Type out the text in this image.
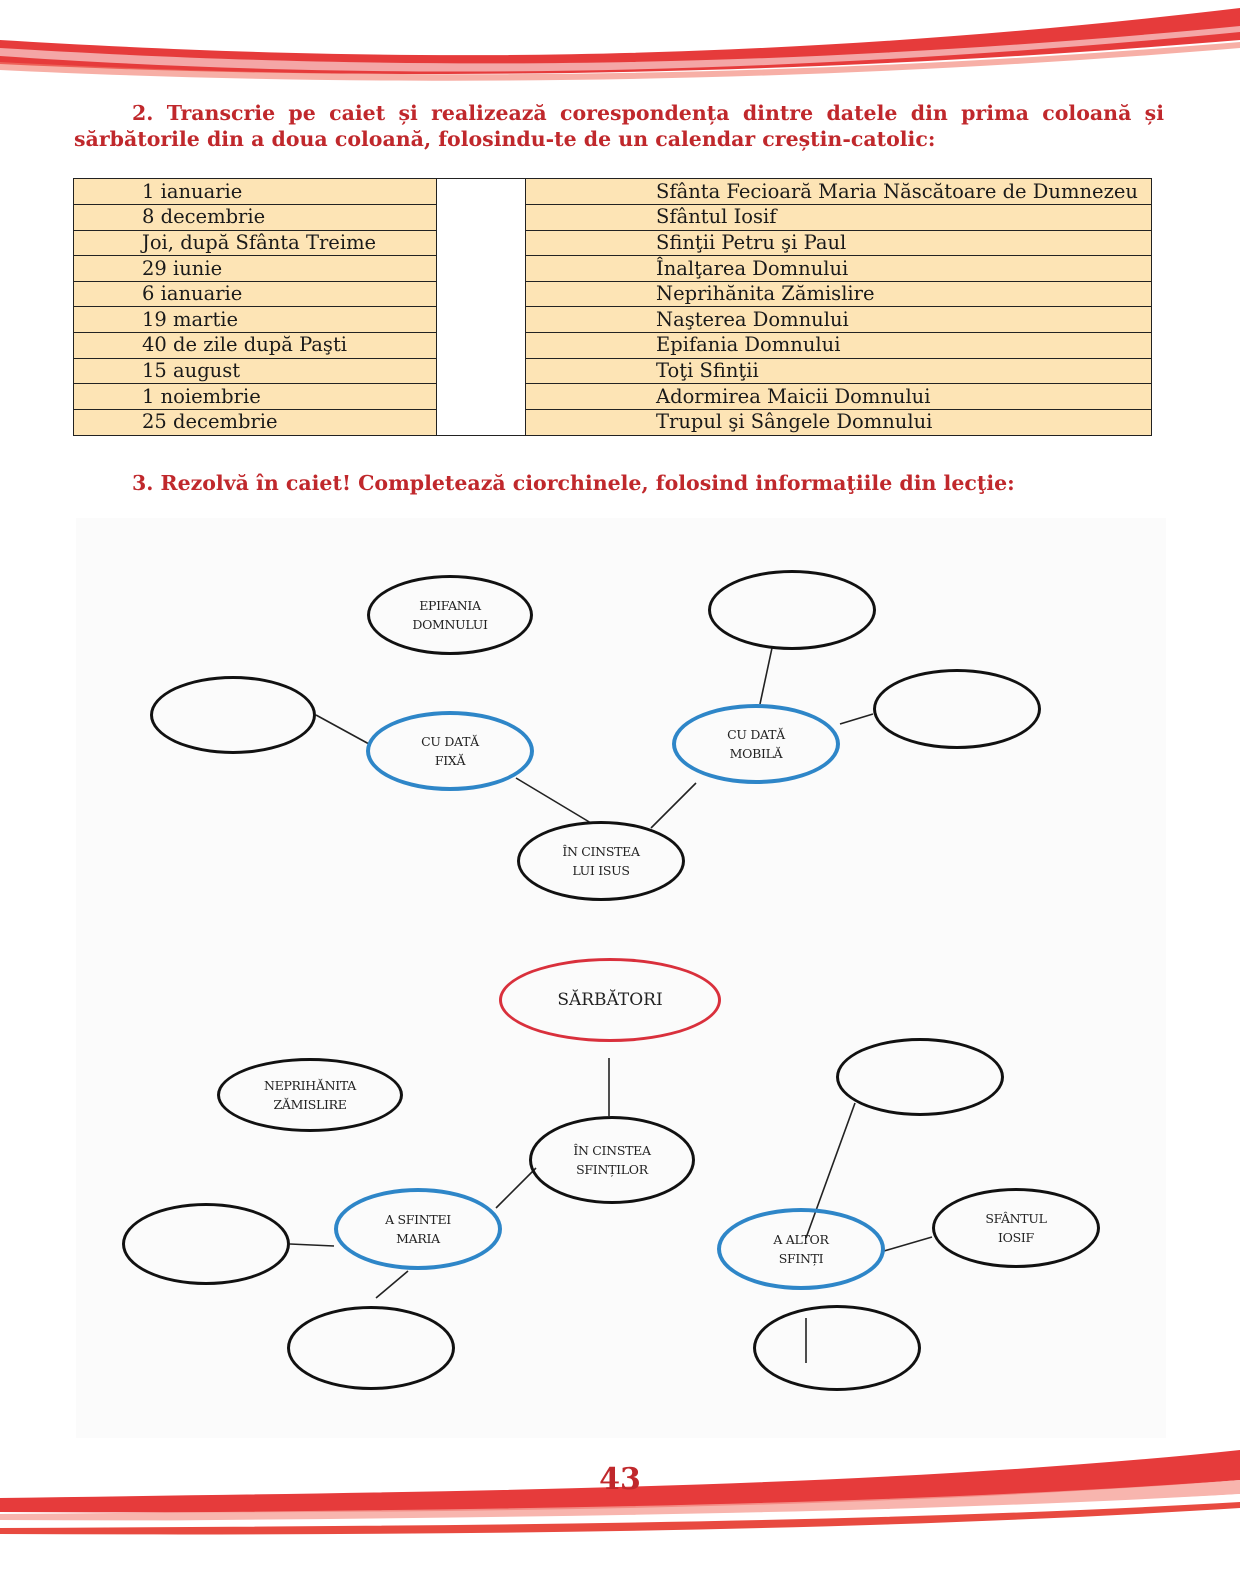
2. Transcrie pe caiet și realizează corespondența dintre datele din prima coloană și sărbătorile din a doua coloană, folosindu-te de un calendar creștin-catolic:

1 ianuarie		Sfânta Fecioară Maria Născătoare de Dumnezeu
8 decembrie		Sfântul Iosif
Joi, după Sfânta Treime		Sfinţii Petru şi Paul
29 iunie		Înalţarea Domnului
6 ianuarie		Neprihănita Zămislire
19 martie		Naşterea Domnului
40 de zile după Paşti		Epifania Domnului
15 august		Toţi Sfinţii
1 noiembrie		Adormirea Maicii Domnului
25 decembrie		Trupul şi Sângele Domnului

3. Rezolvă în caiet! Completează ciorchinele, folosind informaţiile din lecţie:

EPIFANIA DOMNULUI
CU DATĂ FIXĂ
CU DATĂ MOBILĂ
ÎN CINSTEA LUI ISUS
SĂRBĂTORI
NEPRIHĂNITA ZĂMISLIRE
ÎN CINSTEA SFINȚILOR
A SFINTEI MARIA	A ALTOR SFINȚI
SFÂNTUL IOSIF
43
